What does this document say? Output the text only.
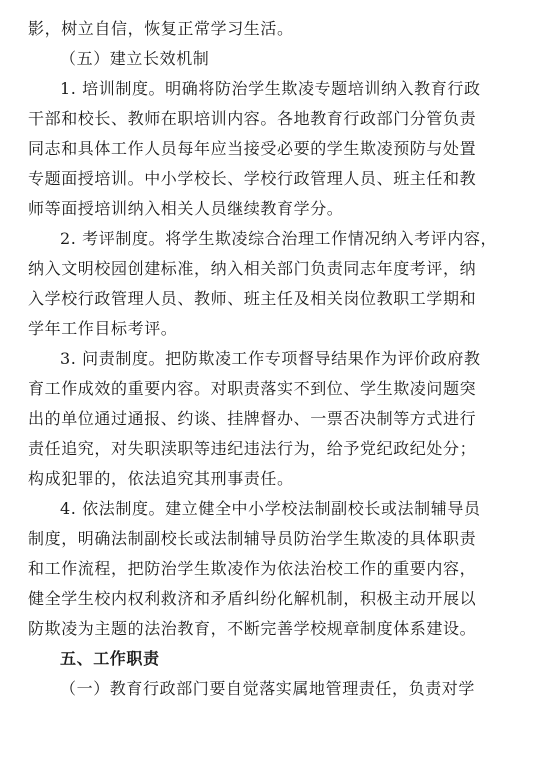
影，树立自信，恢复正常学习生活。
（五）建立长效机制
1. 培训制度。明确将防治学生欺凌专题培训纳入教育行政
干部和校长、教师在职培训内容。各地教育行政部门分管负责
同志和具体工作人员每年应当接受必要的学生欺凌预防与处置
专题面授培训。中小学校长、学校行政管理人员、班主任和教
师等面授培训纳入相关人员继续教育学分。
2. 考评制度。将学生欺凌综合治理工作情况纳入考评内容，
纳入文明校园创建标准，纳入相关部门负责同志年度考评，纳
入学校行政管理人员、教师、班主任及相关岗位教职工学期和
学年工作目标考评。
3. 问责制度。把防欺凌工作专项督导结果作为评价政府教
育工作成效的重要内容。对职责落实不到位、学生欺凌问题突
出的单位通过通报、约谈、挂牌督办、一票否决制等方式进行
责任追究，对失职渎职等违纪违法行为，给予党纪政纪处分；
构成犯罪的，依法追究其刑事责任。
4. 依法制度。建立健全中小学校法制副校长或法制辅导员
制度，明确法制副校长或法制辅导员防治学生欺凌的具体职责
和工作流程，把防治学生欺凌作为依法治校工作的重要内容，
健全学生校内权利救济和矛盾纠纷化解机制，积极主动开展以
防欺凌为主题的法治教育，不断完善学校规章制度体系建设。
五、工作职责
（一）教育行政部门要自觉落实属地管理责任，负责对学
